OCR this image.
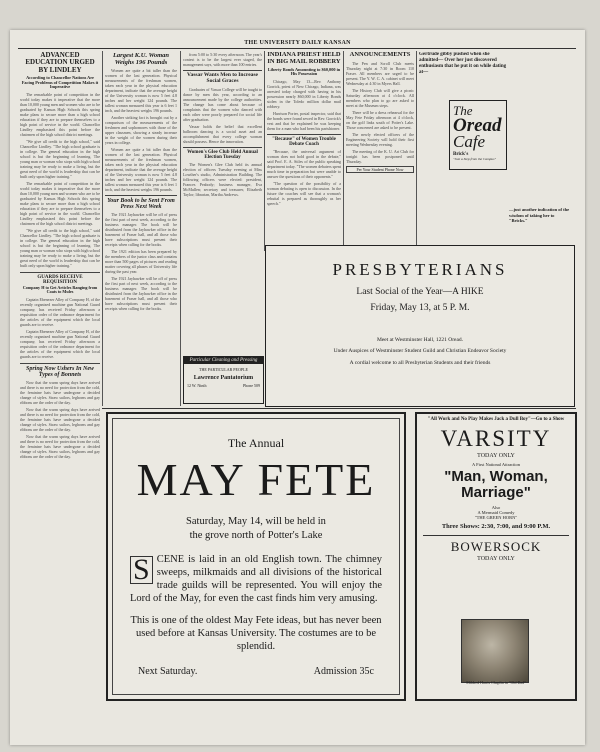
THE UNIVERSITY DAILY KANSAN
ADVANCED EDUCATION URGED BY LINDLEY
According to Chancellor Nations Are Facing Problems of Competition Makes it Imperative

The remarkable point of competition in the world today makes it imperative that the more than 10,000 young men and women who are to be graduated by Kansas High Schools this spring make plans to secure more than a high school education if they are to prepare themselves to a high point of service in the world. Chancellor Lindley emphasized this point before the chairmen of the high school district meetings.

"We give all credit to the high school," said Chancellor Lindley. "The high school graduate is in college. The general education in the high school is but the beginning of learning. The young man or woman who stops with high school training may be ready to make a living, but the great need of the world is leadership that can be built only upon higher training."

The remarkable point of competition in the world today makes it imperative that the more than 10,000 young men and women who are to be graduated by Kansas High Schools this spring make plans to secure more than a high school education if they are to prepare themselves to a high point of service in the world. Chancellor Lindley emphasized this point before the chairmen of the high school district meetings.

"We give all credit to the high school," said Chancellor Lindley. "The high school graduate is in college. The general education in the high school is but the beginning of learning. The young man or woman who stops with high school training may be ready to make a living, but the great need of the world is leadership that can be built only upon higher training."

GUARDS RECEIVE REQUISITION
Company H to Get Articles Ranging from Coats to Mules

Captain Ebenezer Alley of Company H, of the recently organized machine gun National Guard company, has received Friday afternoon a requisition order of the ordnance department for the articles of the equipment which the local guards are to receive.

Captain Ebenezer Alley of Company H, of the recently organized machine gun National Guard company, has received Friday afternoon a requisition order of the ordnance department for the articles of the equipment which the local guards are to receive.

Spring Now Ushers In New Types of Bonnets

Now that the warm spring days have arrived and there is no need for protection from the cold, the feminine hats have undergone a decided change of styles. Straw sailors, leghorns and gay ribbons are the order of the day.

Now that the warm spring days have arrived and there is no need for protection from the cold, the feminine hats have undergone a decided change of styles. Straw sailors, leghorns and gay ribbons are the order of the day.

Now that the warm spring days have arrived and there is no need for protection from the cold, the feminine hats have undergone a decided change of styles. Straw sailors, leghorns and gay ribbons are the order of the day.

Largest K.U. Woman Weighs 196 Pounds

Women are quite a bit taller than the women of the last generation. Physical measurements of the freshman women, taken each year in the physical education department, indicate that the average height of the University woman is now 5 feet 4.8 inches and her weight 124 pounds. The tallest woman measured this year is 6 feet 1 inch, and the heaviest weighs 196 pounds.

Another striking fact is brought out by a comparison of the measurements of the freshmen and sophomores with those of the upper classmen, showing a steady increase in the weight of the women during their years in college.

Women are quite a bit taller than the women of the last generation. Physical measurements of the freshman women, taken each year in the physical education department, indicate that the average height of the University woman is now 5 feet 4.8 inches and her weight 124 pounds. The tallest woman measured this year is 6 feet 1 inch, and the heaviest weighs 196 pounds.

Your Book to be Sent From Press Next Week

The 1921 Jayhawker will be off of press the first part of next week, according to the business manager. The book will be distributed from the Jayhawker office in the basement of Fraser hall, and all those who have subscriptions must present their receipts when calling for the books.

The 1921 edition has been prepared by the members of the junior class and contains more than 500 pages of pictures and reading matter covering all phases of University life during the past year.

The 1921 Jayhawker will be off of press the first part of next week, according to the business manager. The book will be distributed from the Jayhawker office in the basement of Fraser hall, and all those who have subscriptions must present their receipts when calling for the books.

from 5:00 to 5:30 every afternoon. The year's contest is to be the largest ever staged, the management says, with more than 100 entries.

Vassar Wants Men to Increase Social Graces

Graduates of Vassar College will be taught to dance by men this year, according to an announcement made by the college authorities. The change has come about because of complaints that the women who danced with each other were poorly prepared for social life after graduation.

Vassar holds the belief that excellent ballroom dancing is a social asset and an accomplishment that every college woman should possess. Hence the innovation.

Women's Glee Club Held Annual Election Tuesday

The Women's Glee Club held its annual election of officers Tuesday evening at Miss Lowther's studio, Administration Building. The following officers were elected: president, Frances Peabody; business manager, Eva McMullen; secretary and treasurer, Elizabeth Taylor; librarian, Martha Andrews.

Particular Cleaning and Pressing
THE PARTICULAR PEOPLE
Lawrence Pantatorium
12 W. Ninth	Phone 509
INDIANA PRIEST HELD IN BIG MAIL ROBBERY
Liberty Bonds Amounting to $60,000 in His Possession

Chicago, May 13—Rev. Anthony Gorrick, priest of New Chicago, Indiana, was arrested today charged with having in his possession nearly $60,000 in Liberty Bonds stolen in the Toledo million dollar mail robbery.

Harrison Porter, postal inspector, said that the bonds were found sewed in Rev. Gorrick's vest and that he explained he was keeping them for a man who had been his parishioner.

"Because" of Women Trouble Debate Coach

"Because, the universal argument of woman does not hold good in the debate," said Prof. E. A. Stiles of the public speaking department today. "The women debaters spent much time in preparation but were unable to answer the questions of their opponents."

"The question of the possibility of a woman debating is open to discussion. In the future the coaches will see that a woman's rebuttal is prepared as thoroughly as her speech."

ANNOUNCEMENTS

The Pen and Scroll Club meets Thursday night at 7:30 in Room 110 Fraser. All members are urged to be present. The Y. W. C. A. cabinet will meet Wednesday at 4:30 in Myers Hall.

The History Club will give a picnic Saturday afternoon at 4 o'clock. All members who plan to go are asked to meet at the Museum steps.

There will be a dress rehearsal for the May Fete Friday afternoon at 4 o'clock, on the golf links south of Potter's Lake. Those concerned are asked to be present.

The newly elected officers of the Engineering Society will hold their first meeting Wednesday evening.

The meeting of the K. U. Art Club for tonight has been postponed until Thursday.

Per Your Student Phone Now
Gertrude gibby pushed when she admitted— Over her just discovered enthusiasm that he put it on while dating at—
The
Oread
Cafe
Brick's
"Just a Step from the Campus"
—just another indication of the wisdom of taking her to "Bricks."
PRESBYTERIANS
Last Social of the Year—A HIKE
Friday, May 13, at 5 P. M.
Meet at Westminster Hall, 1221 Oread.
Under Auspices of Westminster Student Guild and Christian Endeavor Society
A cordial welcome to all Presbyterian Students and their friends
The Annual
MAY FETE
Saturday, May 14, will be held in
the grove north of Potter's Lake
S CENE is laid in an old English town. The chimney sweeps, milkmaids and all divisions of the historical trade guilds will be represented. You will enjoy the Lord of the May, for even the cast finds him very amusing.
This is one of the oldest May Fete ideas, but has never been used before at Kansas University. The costumes are to be splendid.
Next Saturday.	Admission 35c
"All Work and No Play Makes Jack a Dull Boy"—Go to a Show
VARSITY
TODAY ONLY
A First National Attraction
"Man, Woman, Marriage"
Also
A Mermaid Comedy
"THE GREEN HORN"
Three Shows: 2:30, 7:00, and 9:00 P.M.
BOWERSOCK
TODAY ONLY
Mildred Harris Chaplin in "Old Dad"
